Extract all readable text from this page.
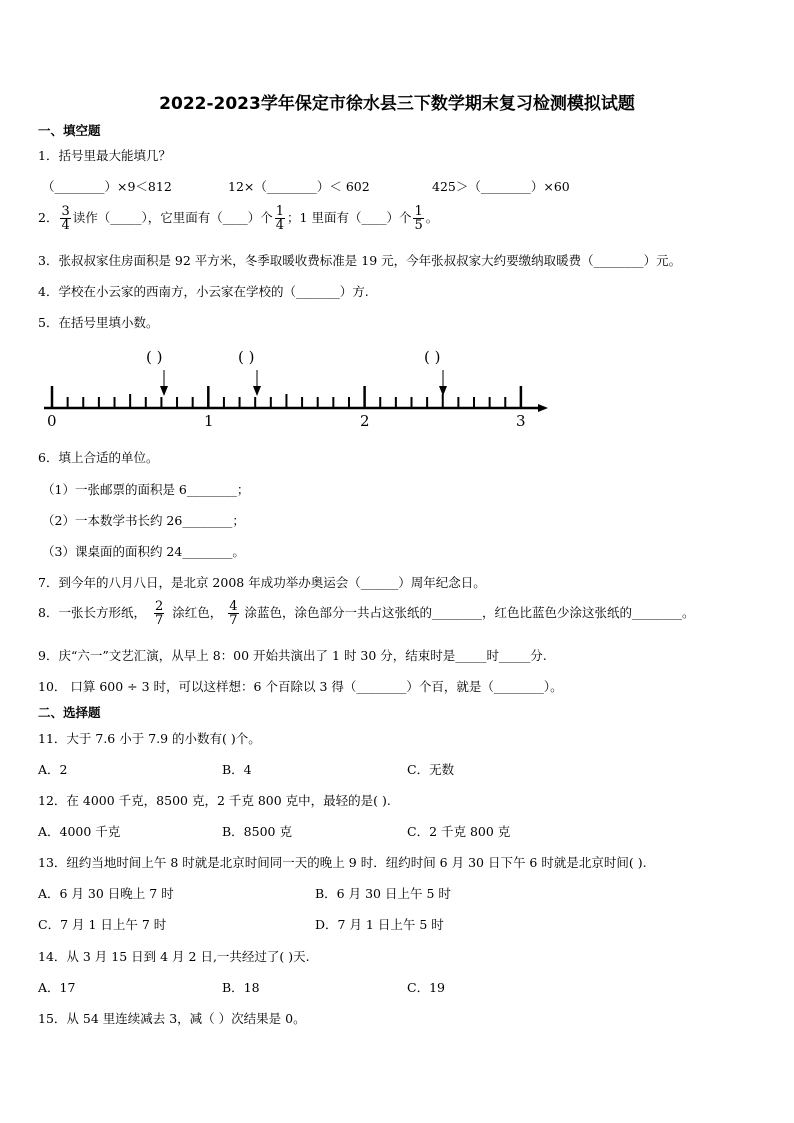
2022-2023学年保定市徐水县三下数学期末复习检测模拟试题
一、填空题
1．括号里最大能填几？
（________）×9＜812	12×（________）＜ 602	425＞（________）×60
2． $\frac{3}{4}$ 读作（_____），它里面有（____）个 $\frac{1}{4}$ ；1 里面有（____）个 $\frac{1}{5}$ 。
3．张叔叔家住房面积是 92 平方米，冬季取暖收费标准是 19 元，今年张叔叔家大约要缴纳取暖费（________）元。
4．学校在小云家的西南方，小云家在学校的（_______）方.
5．在括号里填小数。
( )	( )	( )
0	1	2	3
6．填上合适的单位。
（1）一张邮票的面积是 6________；
（2）一本数学书长约 26________；
（3）课桌面的面积约 24________。
7．到今年的八月八日，是北京 2008 年成功举办奥运会（______）周年纪念日。
8．一张长方形纸， $\frac{2}{7}$ 涂红色， $\frac{4}{7}$ 涂蓝色，涂色部分一共占这张纸的________，红色比蓝色少涂这张纸的________。
9．庆“六一”文艺汇演，从早上 8：00 开始共演出了 1 时 30 分，结束时是_____时_____分.
10． 口算 600 ÷ 3 时，可以这样想：6 个百除以 3 得（________）个百，就是（________）。
二、选择题
11．大于 7.6 小于 7.9 的小数有( )个。
A．2	B．4	C．无数
12．在 4000 千克，8500 克，2 千克 800 克中，最轻的是( ).
A．4000 千克	B．8500 克	C．2 千克 800 克
13．纽约当地时间上午 8 时就是北京时间同一天的晚上 9 时．纽约时间 6 月 30 日下午 6 时就是北京时间( ).
A．6 月 30 日晚上 7 时	B．6 月 30 日上午 5 时
C．7 月 1 日上午 7 时	D．7 月 1 日上午 5 时
14．从 3 月 15 日到 4 月 2 日,一共经过了( )天.
A．17	B．18	C．19
15．从 54 里连续减去 3，减（ ）次结果是 0。
